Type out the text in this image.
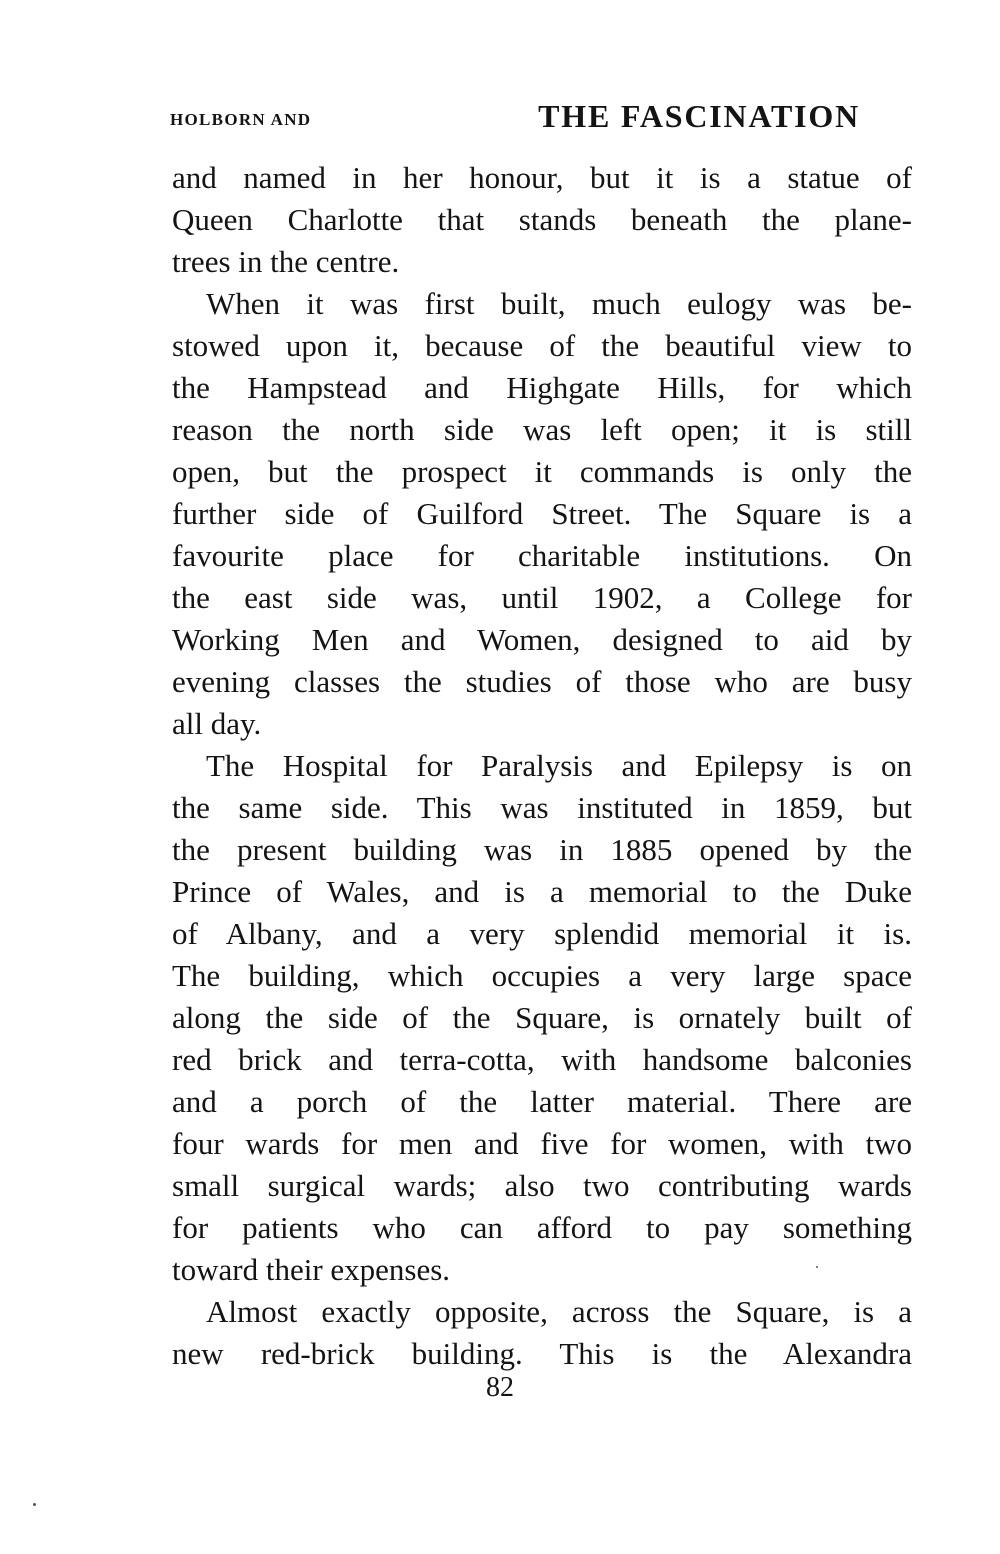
HOLBORN AND	THE FASCINATION
and named in her honour, but it is a statue of
Queen Charlotte that stands beneath the plane-
trees in the centre.
When it was first built, much eulogy was be-
stowed upon it, because of the beautiful view to
the Hampstead and Highgate Hills, for which
reason the north side was left open; it is still
open, but the prospect it commands is only the
further side of Guilford Street. The Square is a
favourite place for charitable institutions. On
the east side was, until 1902, a College for
Working Men and Women, designed to aid by
evening classes the studies of those who are busy
all day.
The Hospital for Paralysis and Epilepsy is on
the same side. This was instituted in 1859, but
the present building was in 1885 opened by the
Prince of Wales, and is a memorial to the Duke
of Albany, and a very splendid memorial it is.
The building, which occupies a very large space
along the side of the Square, is ornately built of
red brick and terra-cotta, with handsome balconies
and a porch of the latter material. There are
four wards for men and five for women, with two
small surgical wards; also two contributing wards
for patients who can afford to pay something
toward their expenses.
Almost exactly opposite, across the Square, is a
new red-brick building. This is the Alexandra
82
